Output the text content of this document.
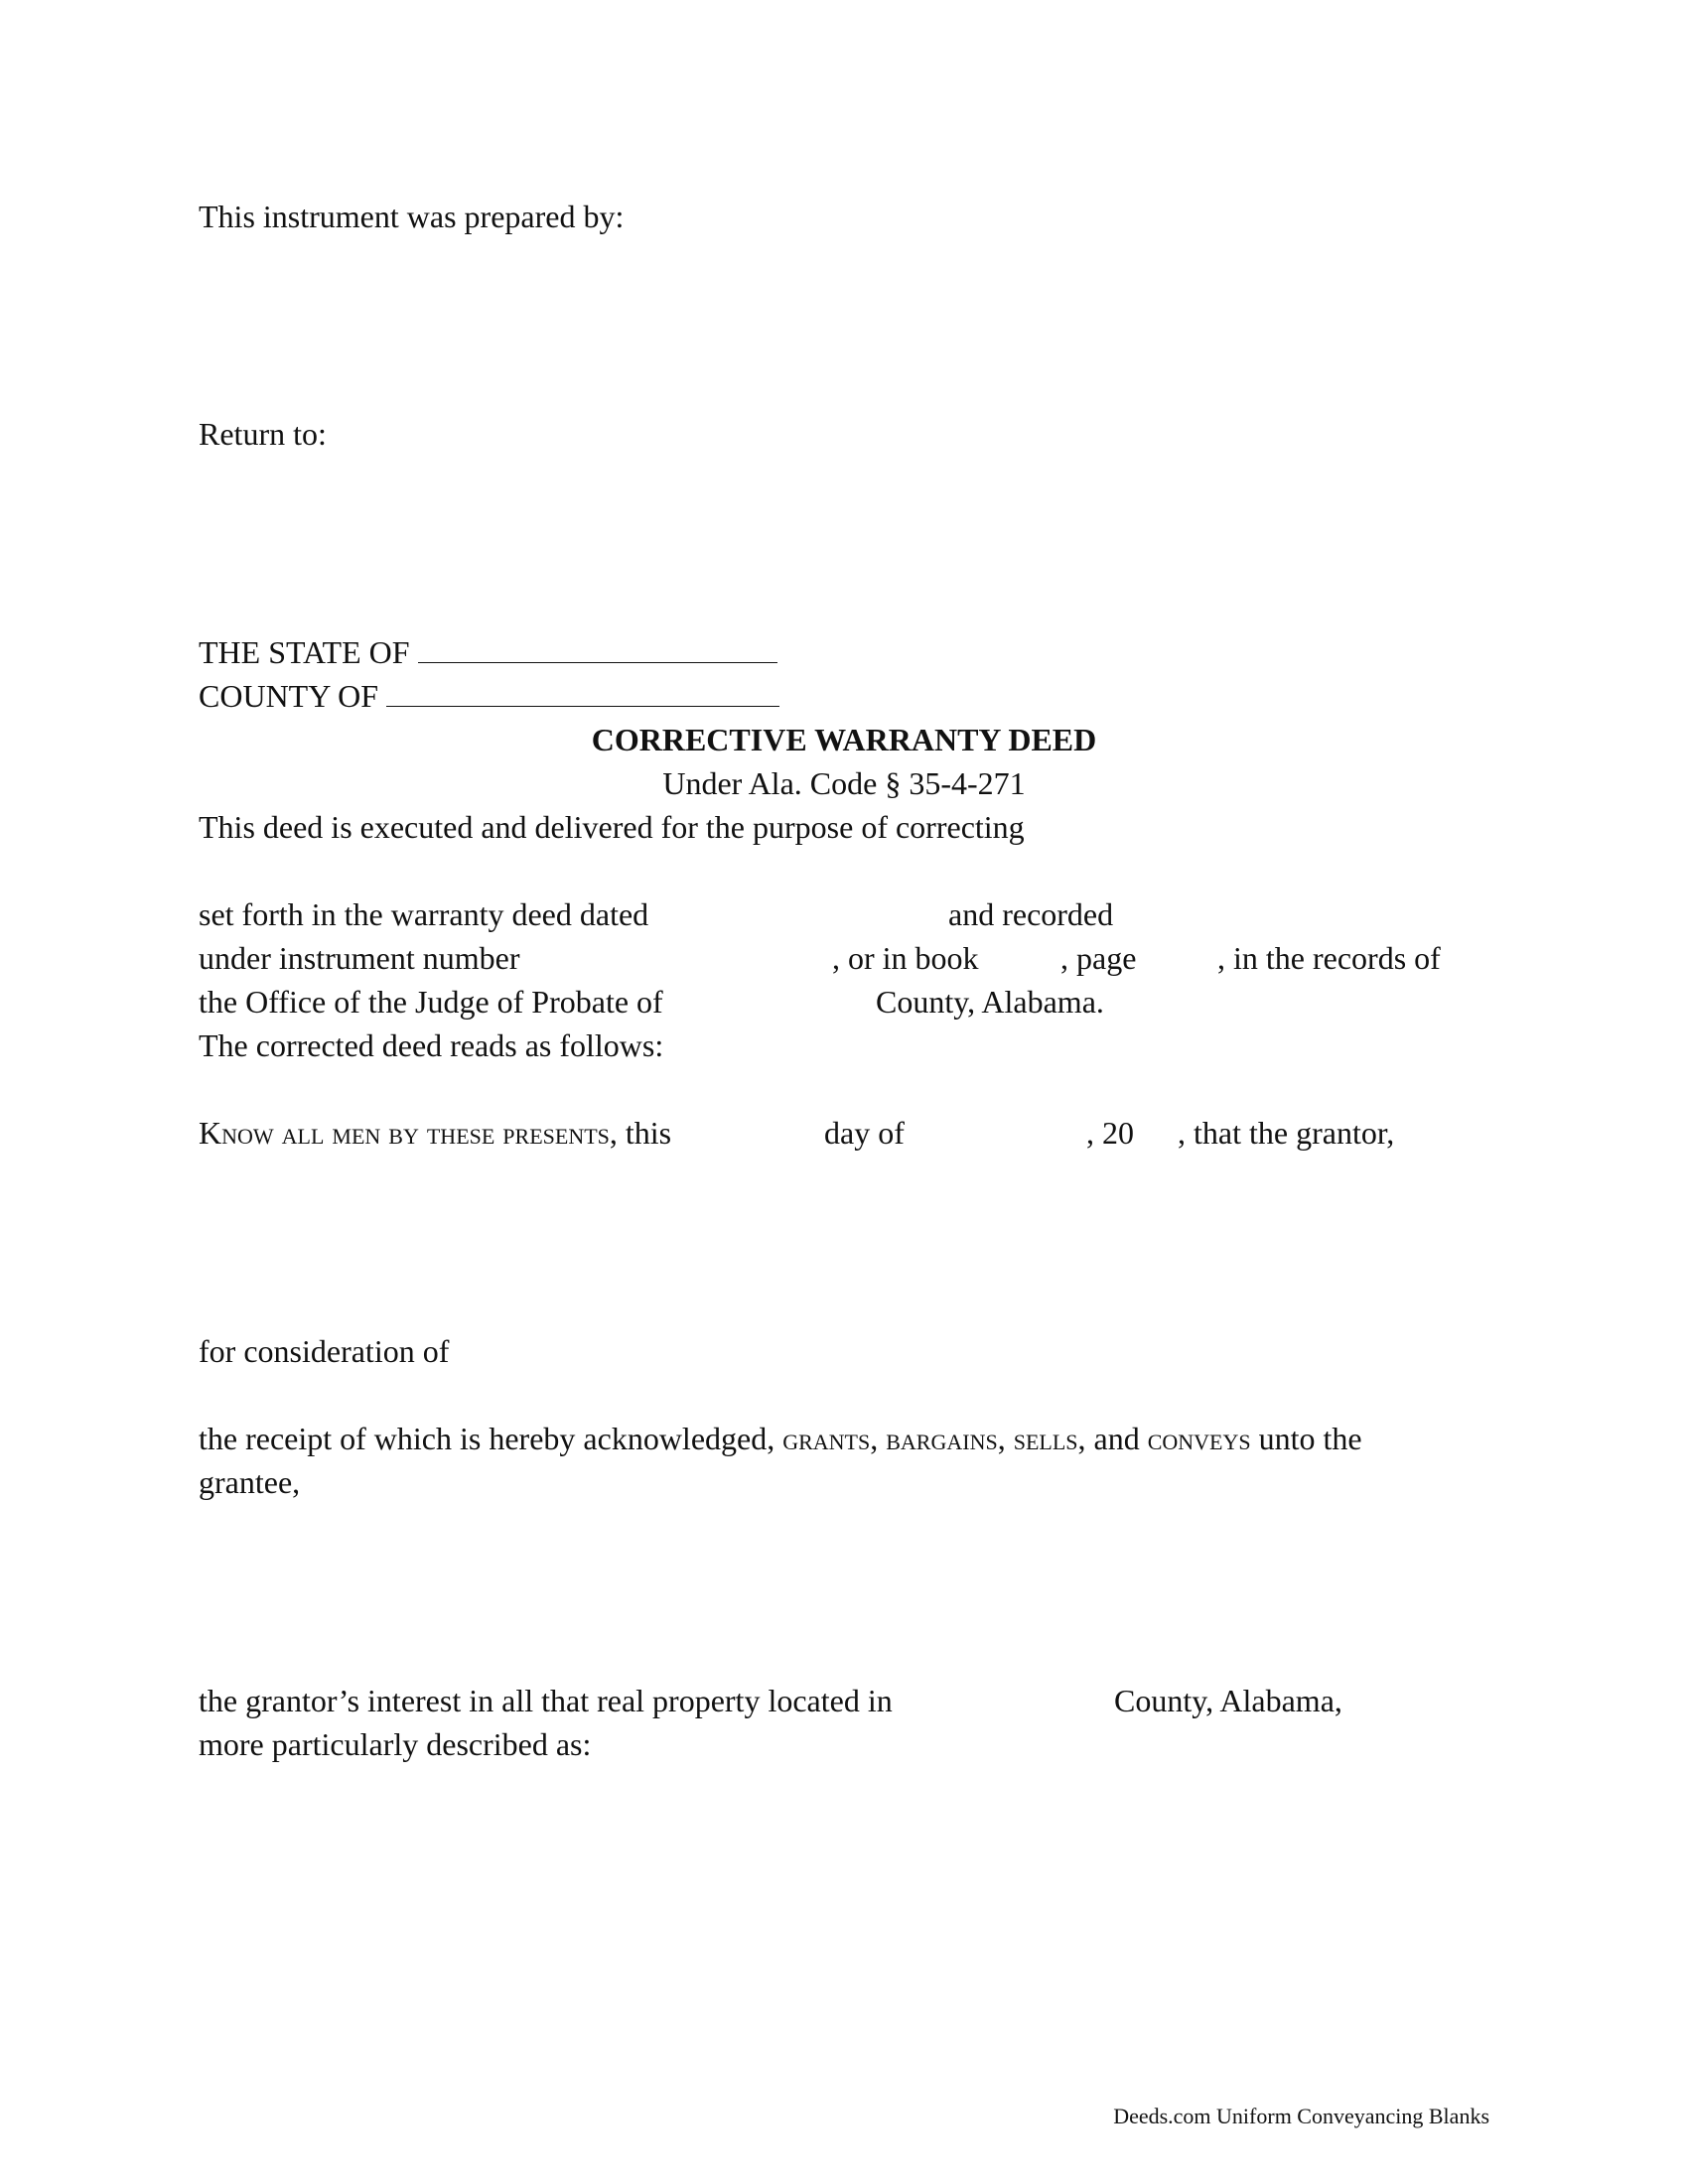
This instrument was prepared by:
Return to:
THE STATE OF
COUNTY OF
CORRECTIVE WARRANTY DEED
Under Ala. Code § 35-4-271
This deed is executed and delivered for the purpose of correcting
set forth in the warranty deed dated	and recorded
under instrument number	, or in book	, page	, in the records of
the Office of the Judge of Probate of	County, Alabama.
The corrected deed reads as follows:
Know all men by these presents, this	day of	, 20 , that the grantor,
for consideration of
the receipt of which is hereby acknowledged, grants, bargains, sells, and conveys unto the
grantee,
the grantor’s interest in all that real property located in	County, Alabama,
more particularly described as:
Deeds.com Uniform Conveyancing Blanks
